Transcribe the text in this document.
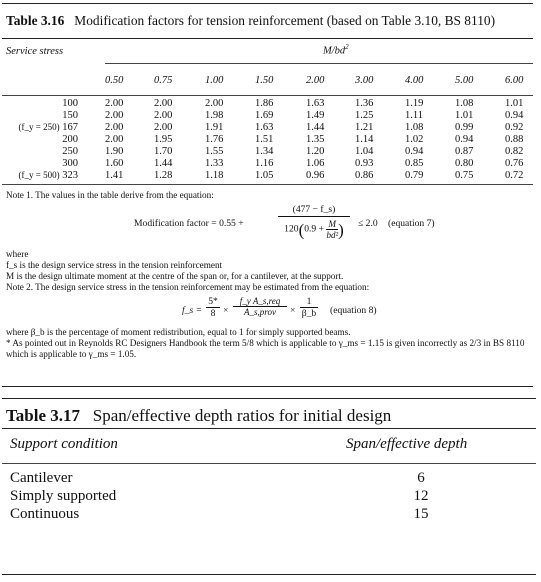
Table 3.16 Modification factors for tension reinforcement (based on Table 3.10, BS 8110)
Service stress	$M/bd^2$
0.50	0.75	1.00	1.50	2.00	3.00	4.00	5.00	6.00
100	2.00	2.00	2.00	1.86	1.63	1.36	1.19	1.08	1.01
150	2.00	2.00	1.98	1.69	1.49	1.25	1.11	1.01	0.94
(f_y = 250) 167	2.00	2.00	1.91	1.63	1.44	1.21	1.08	0.99	0.92
200	2.00	1.95	1.76	1.51	1.35	1.14	1.02	0.94	0.88
250	1.90	1.70	1.55	1.34	1.20	1.04	0.94	0.87	0.82
300	1.60	1.44	1.33	1.16	1.06	0.93	0.85	0.80	0.76
(f_y = 500) 323	1.41	1.28	1.18	1.05	0.96	0.86	0.79	0.75	0.72
Note 1. The values in the table derive from the equation:
Modification factor = 0.55 +	$\frac{(477 - f\_s)}{120(0.9 + \frac{M}{\text{bd²}} )} \le 2.0$ (equation 7)
where
f_s is the design service stress in the tension reinforcement
M is the design ultimate moment at the centre of the span or, for a cantilever, at the support.
Note 2. The design service stress in the tension reinforcement may be estimated from the equation:
f_s = $\frac{5*}{8}$ ×
f_y A_s,req
A_s,prov	× $\frac{1}{\beta\_b}$ (equation 8)
where β_b is the percentage of moment redistribution, equal to 1 for simply supported beams.
* As pointed out in Reynolds RC Designers Handbook the term 5/8 which is applicable to γ_ms = 1.15 is given incorrectly as 2/3 in BS 8110 which is applicable to γ_ms = 1.05.
Table 3.17 Span/effective depth ratios for initial design
Support condition	Span/effective depth
Cantilever	6
Simply supported	12
Continuous	15
